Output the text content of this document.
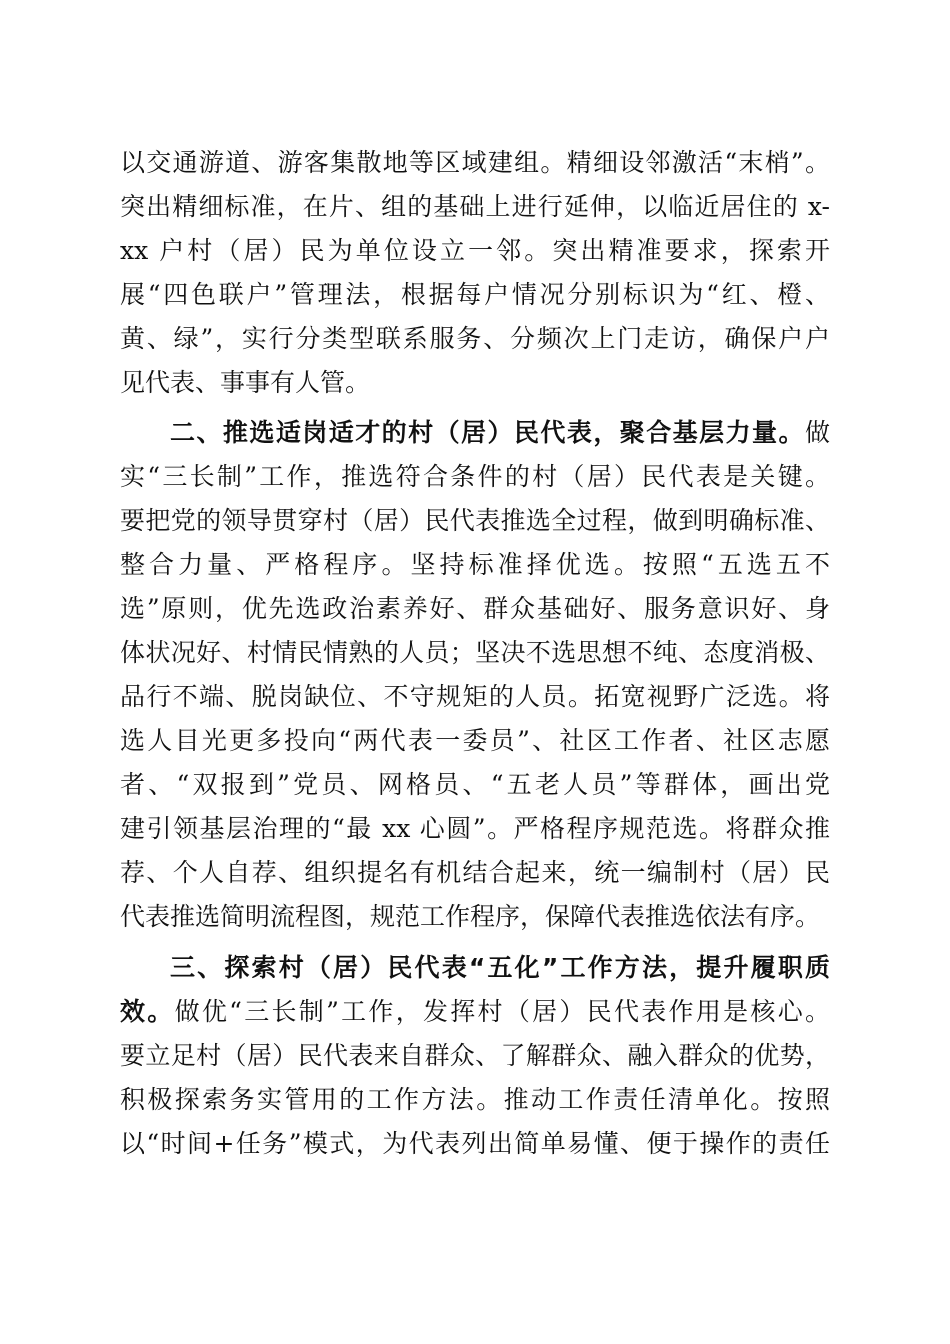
以交通游道、游客集散地等区域建组。精细设邻激活“末梢”。
突出精细标准，在片、组的基础上进行延伸，以临近居住的 x-
xx 户村（居）民为单位设立一邻。突出精准要求，探索开
展“四色联户”管理法，根据每户情况分别标识为“红、橙、
黄、绿”，实行分类型联系服务、分频次上门走访，确保户户
见代表、事事有人管。
二、推选适岗适才的村（居）民代表，聚合基层力量。做
实“三长制”工作，推选符合条件的村（居）民代表是关键。
要把党的领导贯穿村（居）民代表推选全过程，做到明确标准、
整合力量、严格程序。坚持标准择优选。按照“五选五不
选”原则，优先选政治素养好、群众基础好、服务意识好、身
体状况好、村情民情熟的人员；坚决不选思想不纯、态度消极、
品行不端、脱岗缺位、不守规矩的人员。拓宽视野广泛选。将
选人目光更多投向“两代表一委员”、社区工作者、社区志愿
者、“双报到”党员、网格员、“五老人员”等群体，画出党
建引领基层治理的“最 xx 心圆”。严格程序规范选。将群众推
荐、个人自荐、组织提名有机结合起来，统一编制村（居）民
代表推选简明流程图，规范工作程序，保障代表推选依法有序。
三、探索村（居）民代表“五化”工作方法，提升履职质
效。做优“三长制”工作，发挥村（居）民代表作用是核心。
要立足村（居）民代表来自群众、了解群众、融入群众的优势，
积极探索务实管用的工作方法。推动工作责任清单化。按照
以“时间+任务”模式，为代表列出简单易懂、便于操作的责任
